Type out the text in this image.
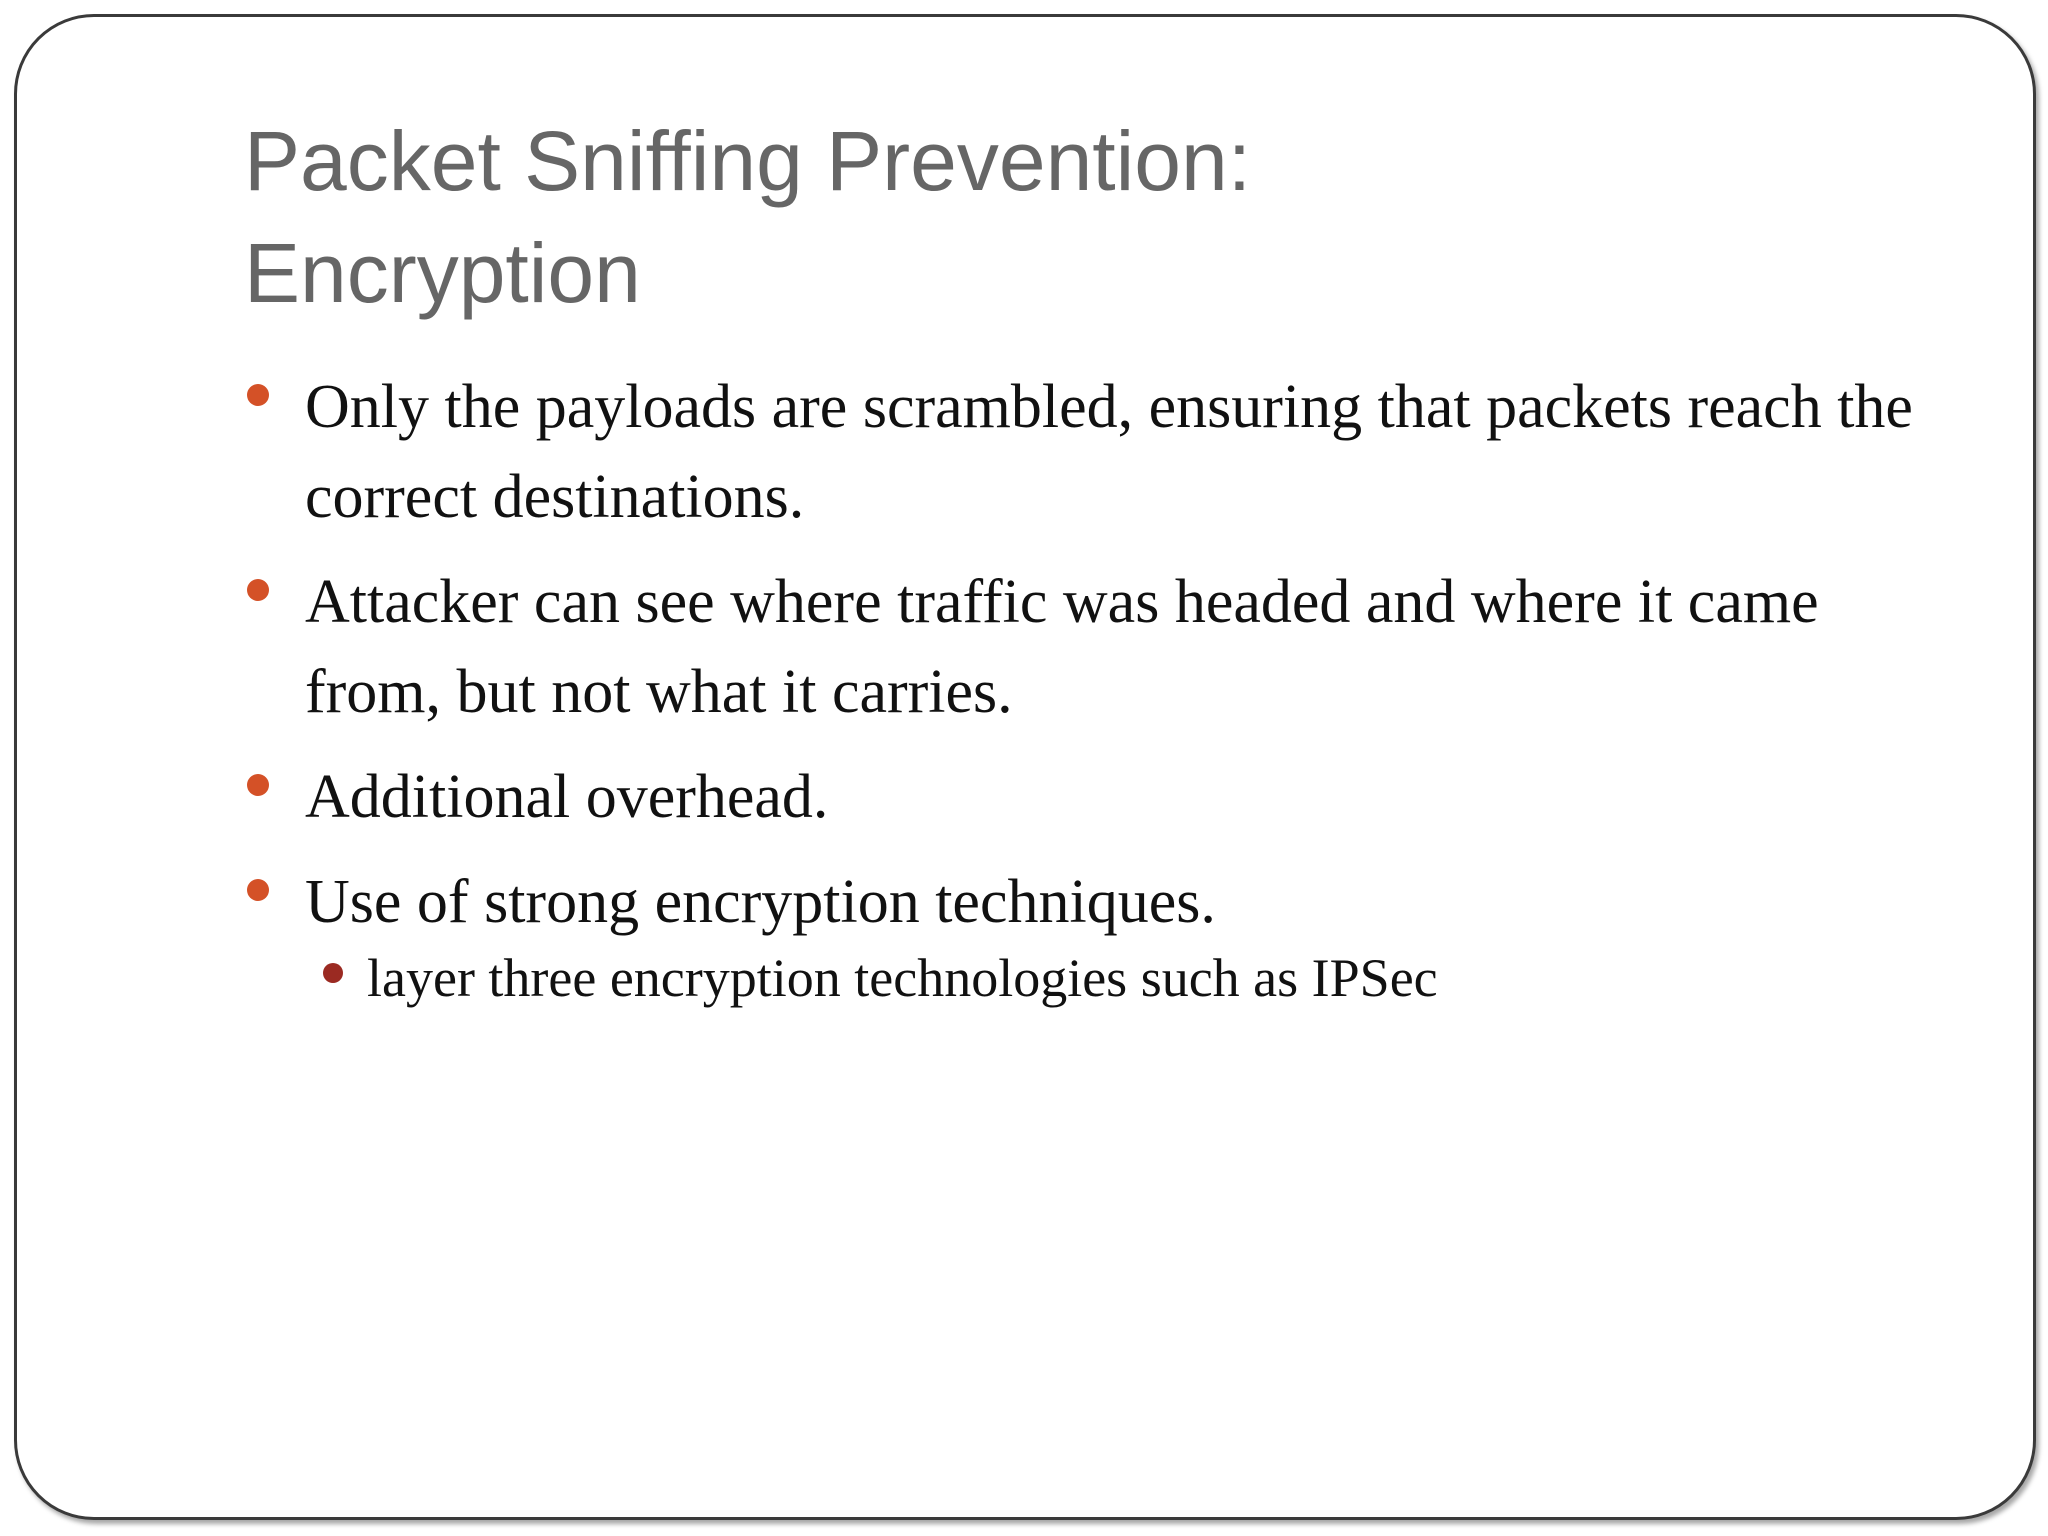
Packet Sniffing Prevention:
Encryption
Only the payloads are scrambled, ensuring that packets reach the correct destinations.
Attacker can see where traffic was headed and where it came from, but not what it carries.
Additional overhead.
Use of strong encryption techniques.
layer three encryption technologies such as IPSec
